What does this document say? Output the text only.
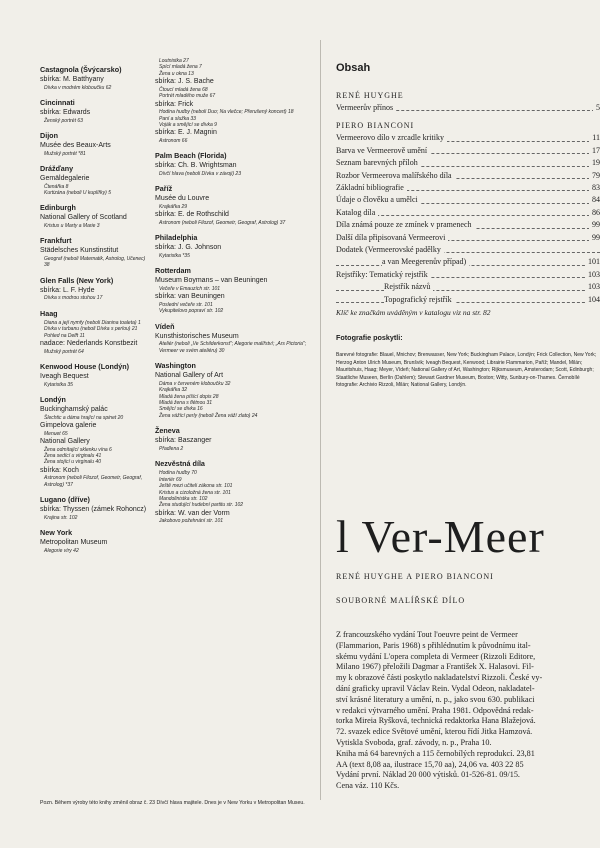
Castagnola (Švýcarsko)
sbírka: M. Batthyany
Dívka v modrém kloboučku 62
Cincinnati
sbírka: Edwards
Ženský portrét 63
Dijon
Musée des Beaux-Arts
Mužský portrét *81
Drážďany
Gemäldegalerie
Čtenářka 8
Kurtizána (neboli U kuplířky) 5
Edinburgh
National Gallery of Scotland
Kristus u Marty a Marie 3
Frankfurt
Städelsches Kunstinstitut
Geograf (neboli Matematik, Astrolog, Učenec) 38
Glen Falls (New York)
sbírka: L. F. Hyde
Dívka s modrou stuhou 17
Haag
Diana a její nymfy (neboli Dianina toaleta) 1
Dívka v turbanu (neboli Dívka s perlou) 21
Pohled na Delft 11
nadace: Nederlands Konstbezit
Mužský portrét 64
Kenwood House (Londýn)
Iveagh Bequest
Kytaristka 35
Londýn
Buckinghamský palác
Šlechtic a dáma hrající na spinet 20
Gimpelova galerie
Menuet 65
National Gallery
Žena odmítající sklenku vína 6
Žena sedící u virginalu 41
Žena stojící u virginalu 40
sbírka: Koch
Astronom (neboli Filozof, Geometr, Geograf, Astrolog) *37
Lugano (dříve)
sbírka: Thyssen (zámek Rohoncz)
Krajina str. 102
New York
Metropolitan Museum
Alegorie víry 42
Loutnistka 27
Spící mladá žena 7
Žena u okna 13
sbírka: J. S. Bache
Čtoucí mladá žena 68
Portrét mladého muže 67
sbírka: Frick
Hodina hudby (neboli Duo; Na vlečce; Přerušený koncert) 18
Paní a služka 33
Voják a smějící se dívka 9
sbírka: E. J. Magnin
Astronom 66
Palm Beach (Florida)
sbírka: Ch. B. Wrightsman
Dívčí hlava (neboli Dívka v závoji) 23
Paříž
Musée du Louvre
Krajkářka 29
sbírka: E. de Rothschild
Astronom (neboli Filozof, Geometr, Geograf, Astrolog) 37
Philadelphia
sbírka: J. G. Johnson
Kytaristka *35
Rotterdam
Museum Boymans – van Beuningen
Večeře v Emauzích str. 101
sbírka: van Beuningen
Poslední večeře str. 101
Vykupitelovo popraví str. 102
Vídeň
Kunsthistorisches Museum
Ateliér (neboli „Ve Schilderkonst"; Alegorie malířství; „Ars Pictoria"; Vermeer ve svém ateliéru) 30
Washington
National Gallery of Art
Dáma v červeném kloboučku 32
Krajkářka 32
Mladá žena píšící dopis 28
Mladá žena s flétnou 31
Smějící se dívka 16
Žena vážící perly (neboli Žena váží zlato) 24
Ženeva
sbírka: Baszanger
Přadlena 2
Nezvěstná díla
Hodina hudby 70
Interiér 69
Ještě mezi učiteli zákona str. 101
Kristus a cizoložná žena str. 101
Mandolinistka str. 102
Žena studující hudební partitu str. 102
sbírka: W. van der Vorm
Jakobovo požehnání str. 101
Obsah
RENÉ HUYGHE
Vermeerův přínos	5
PIERO BIANCONI
Vermeerovo dílo v zrcadle kritiky	11
Barva ve Vermeerově umění	17
Seznam barevných příloh	19
Rozbor Vermeerova malířského díla	79
Základní bibliografie	83
Údaje o člověku a umělci	84
Katalog díla	86
Díla známá pouze ze zmínek v pramenech	99
Další díla připisovaná Vermeerovi	99
Dodatek (Vermeerovské padělky
a van Meegerenův případ)	101
Rejstříky: Tematický rejstřík	103
Rejstřík názvů	103
Topografický rejstřík	104
Klíč ke značkám uváděným v katalogu viz na str. 82
Fotografie poskytli:
Barevné fotografie: Blauel, Mnichov; Brenwasser, New York; Buckingham Palace, Londýn; Frick Collection, New York; Herzog Anton Ulrich Museum, Brunšvik; Iveagh Bequest, Kenwood; Librairie Flammarion, Paříž; Mandel, Milán; Mauritshuis, Haag; Meyer, Vídeň; National Gallery of Art, Washington; Rijksmuseum, Amsterodam; Scott, Edinburgh; Staatliche Museen, Berlín (Dahlem); Stewart Gardner Museum, Boston; Witty, Sunbury-on-Thames. Černobílé fotografie: Archivio Rizzoli, Milán; National Gallery, Londýn.
l Ver-Meer
RENÉ HUYGHE A PIERO BIANCONI
SOUBORNÉ MALÍŘSKÉ DÍLO
Z francouzského vydání Tout l'oeuvre peint de Vermeer
(Flammarion, Paris 1968) s přihlédnutím k původnímu ital-
skému vydání L'opera completa di Vermeer (Rizzoli Editore,
Milano 1967) přeložili Dagmar a František X. Halasovi. Fil-
my k obrazové části poskytlo nakladatelství Rizzoli. České vy-
dání graficky upravil Václav Rein. Vydal Odeon, nakladatel-
ství krásné literatury a umění, n. p., jako svou 630. publikaci
v redakci výtvarného umění. Praha 1981. Odpovědná redak-
torka Mireia Ryšková, technická redaktorka Hana Blažejová.
72. svazek edice Světové umění, kterou řídí Jitka Hamzová.
Vytiskla Svoboda, graf. závody, n. p., Praha 10.
Kniha má 64 barevných a 115 černobílých reprodukcí. 23,81
AA (text 8,08 aa, ilustrace 15,70 aa), 24,06 va. 403 22 85
Vydání první. Náklad 20 000 výtisků. 01-526-81. 09/15.
Cena váz. 110 Kčs.
Pozn. Během výroby této knihy změnil obraz č. 23 Dívčí hlava majitele. Dnes je v New Yorku v Metropolitan Museu.
